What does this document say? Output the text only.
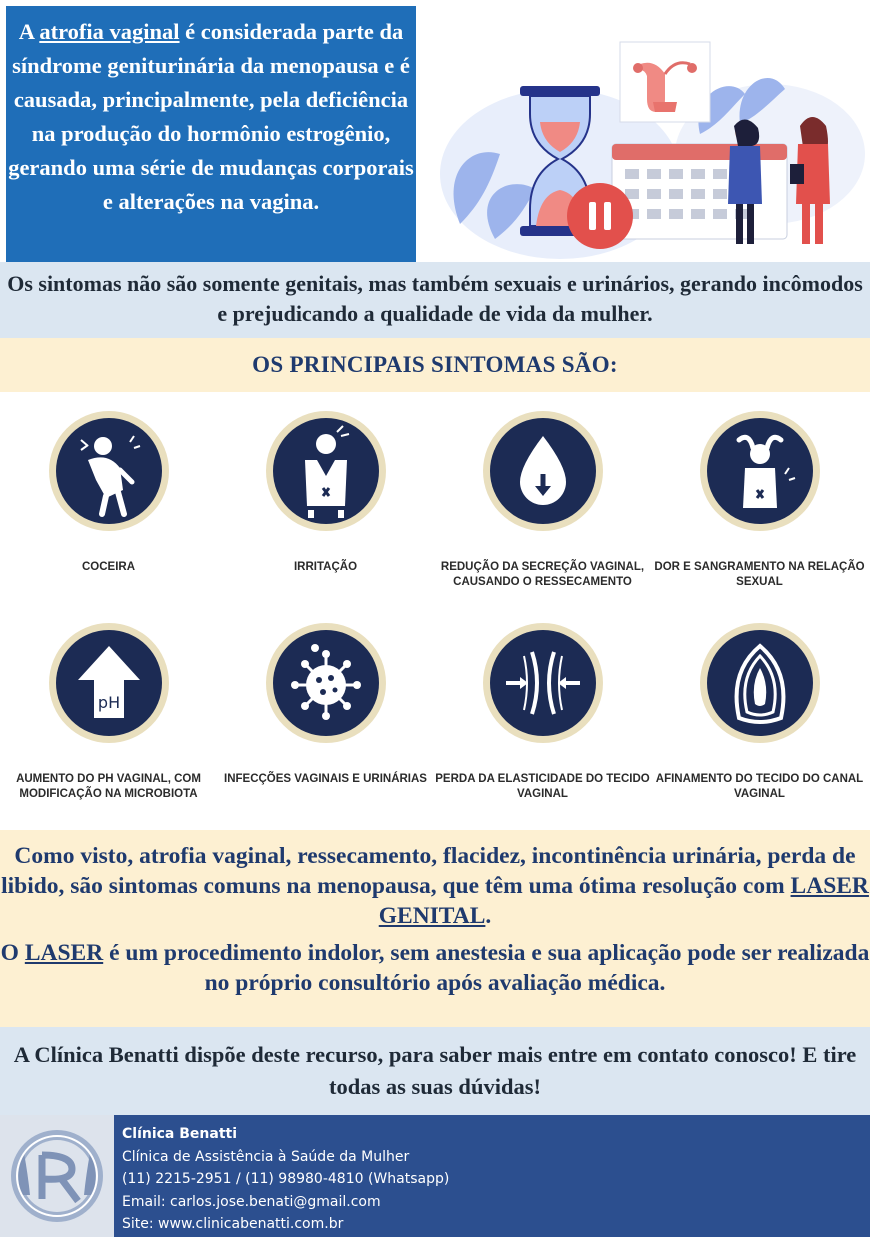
A atrofia vaginal é considerada parte da síndrome geniturinária da menopausa e é causada, principalmente, pela deficiência na produção do hormônio estrogênio, gerando uma série de mudanças corporais e alterações na vagina.
Os sintomas não são somente genitais, mas também sexuais e urinários, gerando incômodos e prejudicando a qualidade de vida da mulher.
OS PRINCIPAIS SINTOMAS SÃO:
COCEIRA	IRRITAÇÃO	REDUÇÃO DA SECREÇÃO VAGINAL, CAUSANDO O RESSECAMENTO
DOR E SANGRAMENTO NA RELAÇÃO SEXUAL
pH
AUMENTO DO PH VAGINAL, COM MODIFICAÇÃO NA MICROBIOTA
INFECÇÕES VAGINAIS E URINÁRIAS PERDA DA ELASTICIDADE DO TECIDO VAGINAL
AFINAMENTO DO TECIDO DO CANAL VAGINAL
Como visto, atrofia vaginal, ressecamento, flacidez, incontinência urinária, perda de libido, são sintomas comuns na menopausa, que têm uma ótima resolução com LASER GENITAL.
O LASER é um procedimento indolor, sem anestesia e sua aplicação pode ser realizada no próprio consultório após avaliação médica.
A Clínica Benatti dispõe deste recurso, para saber mais entre em contato conosco! E tire todas as suas dúvidas!
Clínica Benatti
Clínica de Assistência à Saúde da Mulher
(11) 2215-2951 / (11) 98980-4810 (Whatsapp)
Email: carlos.jose.benati@gmail.com
Site: www.clinicabenatti.com.br
